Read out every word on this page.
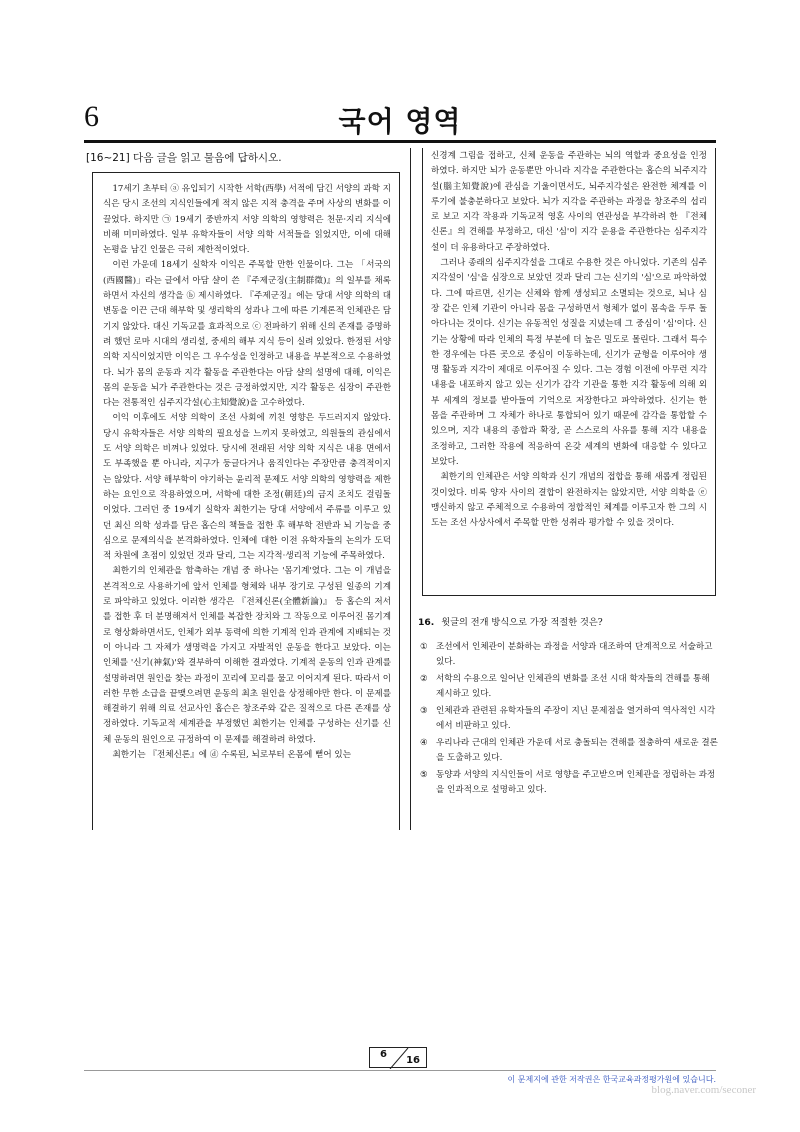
6	국어 영역
[16~21] 다음 글을 읽고 물음에 답하시오.

17세기 초부터 ⓐ 유입되기 시작한 서학(西學) 서적에 담긴 서양의 과학 지식은 당시 조선의 지식인들에게 적지 않은 지적 충격을 주며 사상의 변화를 이끌었다. 하지만 ㉠ 19세기 중반까지 서양 의학의 영향력은 천문·지리 지식에 비해 미미하였다. 일부 유학자들이 서양 의학 서적들을 읽었지만, 이에 대해 논평을 남긴 인물은 극히 제한적이었다.

이런 가운데 18세기 실학자 이익은 주목할 만한 인물이다. 그는 「서국의(西國醫)」라는 글에서 아담 샬이 쓴 『주제군징(主制群徵)』의 일부를 채록하면서 자신의 생각을 ⓑ 제시하였다. 『주제군징』에는 당대 서양 의학의 대변동을 이끈 근대 해부학 및 생리학의 성과나 그에 따른 기계론적 인체관은 담기지 않았다. 대신 기독교를 효과적으로 ⓒ 전파하기 위해 신의 존재를 증명하려 했던 로마 시대의 생리설, 중세의 해부 지식 등이 실려 있었다. 한정된 서양 의학 지식이었지만 이익은 그 우수성을 인정하고 내용을 부분적으로 수용하였다. 뇌가 몸의 운동과 지각 활동을 주관한다는 아담 샬의 설명에 대해, 이익은 몸의 운동을 뇌가 주관한다는 것은 긍정하였지만, 지각 활동은 심장이 주관한다는 전통적인 심주지각설(心主知覺說)을 고수하였다.

이익 이후에도 서양 의학이 조선 사회에 끼친 영향은 두드러지지 않았다. 당시 유학자들은 서양 의학의 필요성을 느끼지 못하였고, 의원들의 관심에서도 서양 의학은 비껴나 있었다. 당시에 전래된 서양 의학 지식은 내용 면에서도 부족했을 뿐 아니라, 지구가 둥글다거나 움직인다는 주장만큼 충격적이지는 않았다. 서양 해부학이 야기하는 윤리적 문제도 서양 의학의 영향력을 제한하는 요인으로 작용하였으며, 서학에 대한 조정(朝廷)의 금지 조치도 걸림돌이었다. 그러던 중 19세기 실학자 최한기는 당대 서양에서 주류를 이루고 있던 최신 의학 성과를 담은 홉슨의 책들을 접한 후 해부학 전반과 뇌 기능을 중심으로 문제의식을 본격화하였다. 인체에 대한 이전 유학자들의 논의가 도덕적 차원에 초점이 있었던 것과 달리, 그는 지각적·생리적 기능에 주목하였다.

최한기의 인체관을 함축하는 개념 중 하나는 '몸기계'였다. 그는 이 개념을 본격적으로 사용하기에 앞서 인체를 형체와 내부 장기로 구성된 일종의 기계로 파악하고 있었다. 이러한 생각은 『전체신론(全體新論)』 등 홉슨의 저서를 접한 후 더 분명해져서 인체를 복잡한 장치와 그 작동으로 이루어진 몸기계로 형상화하면서도, 인체가 외부 동력에 의한 기계적 인과 관계에 지배되는 것이 아니라 그 자체가 생명력을 가지고 자발적인 운동을 한다고 보았다. 이는 인체를 '신기(神氣)'와 결부하여 이해한 결과였다. 기계적 운동의 인과 관계를 설명하려면 원인을 찾는 과정이 꼬리에 꼬리를 물고 이어지게 된다. 따라서 이러한 무한 소급을 끝맺으려면 운동의 최초 원인을 상정해야만 한다. 이 문제를 해결하기 위해 의료 선교사인 홉슨은 창조주와 같은 질적으로 다른 존재를 상정하였다. 기독교적 세계관을 부정했던 최한기는 인체를 구성하는 신기를 신체 운동의 원인으로 규정하여 이 문제를 해결하려 하였다.

최한기는 『전체신론』에 ⓓ 수록된, 뇌로부터 온몸에 뻗어 있는

신경계 그림을 접하고, 신체 운동을 주관하는 뇌의 역할과 중요성을 인정하였다. 하지만 뇌가 운동뿐만 아니라 지각을 주관한다는 홉슨의 뇌주지각설(腦主知覺說)에 관심을 기울이면서도, 뇌주지각설은 완전한 체계를 이루기에 불충분하다고 보았다. 뇌가 지각을 주관하는 과정을 창조주의 섭리로 보고 지각 작용과 기독교적 영혼 사이의 연관성을 부각하려 한 『전체신론』의 견해를 부정하고, 대신 '심'이 지각 운용을 주관한다는 심주지각설이 더 유용하다고 주장하였다.

그러나 종래의 심주지각설을 그대로 수용한 것은 아니었다. 기존의 심주지각설이 '심'을 심장으로 보았던 것과 달리 그는 신기의 '심'으로 파악하였다. 그에 따르면, 신기는 신체와 함께 생성되고 소멸되는 것으로, 뇌나 심장 같은 인체 기관이 아니라 몸을 구성하면서 형체가 없이 몸속을 두루 돌아다니는 것이다. 신기는 유동적인 성질을 지녔는데 그 중심이 '심'이다. 신기는 상황에 따라 인체의 특정 부분에 더 높은 밀도로 몰린다. 그래서 특수한 경우에는 다른 곳으로 중심이 이동하는데, 신기가 균형을 이루어야 생명 활동과 지각이 제대로 이루어질 수 있다. 그는 경험 이전에 아무런 지각 내용을 내포하지 않고 있는 신기가 감각 기관을 통한 지각 활동에 의해 외부 세계의 정보를 받아들여 기억으로 저장한다고 파악하였다. 신기는 한 몸을 주관하며 그 자체가 하나로 통합되어 있기 때문에 감각을 통합할 수 있으며, 지각 내용의 종합과 확장, 곧 스스로의 사유를 통해 지각 내용을 조정하고, 그러한 작용에 적응하여 온갖 세계의 변화에 대응할 수 있다고 보았다.

최한기의 인체관은 서양 의학과 신기 개념의 접합을 통해 새롭게 정립된 것이었다. 비록 양자 사이의 결합이 완전하지는 않았지만, 서양 의학을 ⓔ 맹신하지 않고 주체적으로 수용하여 정합적인 체계를 이루고자 한 그의 시도는 조선 사상사에서 주목할 만한 성취라 평가할 수 있을 것이다.

16. 윗글의 전개 방식으로 가장 적절한 것은?
① 조선에서 인체관이 분화하는 과정을 서양과 대조하여 단계적으로 서술하고 있다.
② 서학의 수용으로 일어난 인체관의 변화를 조선 시대 학자들의 견해를 통해 제시하고 있다.
③ 인체관과 관련된 유학자들의 주장이 지닌 문제점을 열거하여 역사적인 시각에서 비판하고 있다.
④ 우리나라 근대의 인체관 가운데 서로 충돌되는 견해를 절충하여 새로운 결론을 도출하고 있다.
⑤ 동양과 서양의 지식인들이 서로 영향을 주고받으며 인체관을 정립하는 과정을 인과적으로 설명하고 있다.
6
16
이 문제지에 관한 저작권은 한국교육과정평가원에 있습니다.
blog.naver.com/seconer
